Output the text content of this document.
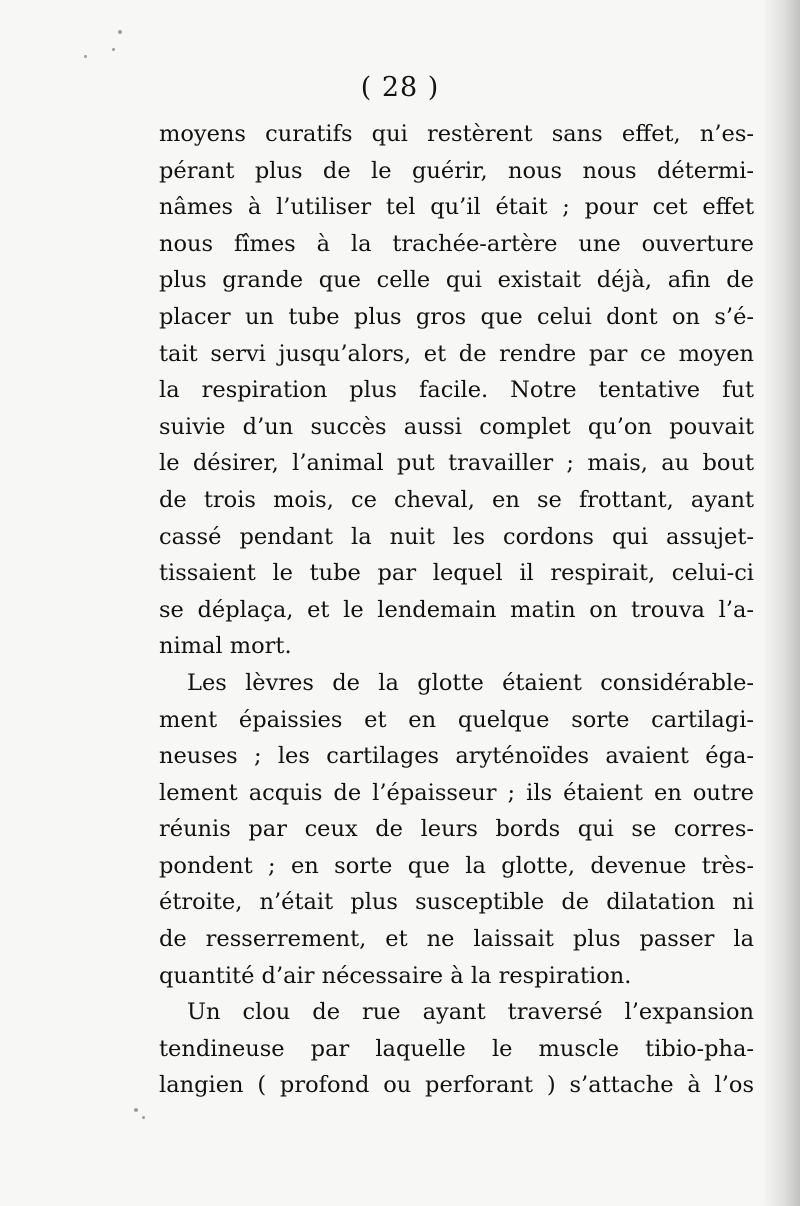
( 28 )
moyens curatifs qui restèrent sans effet, n’es-
pérant plus de le guérir, nous nous détermi-
nâmes à l’utiliser tel qu’il était ; pour cet effet
nous fîmes à la trachée-artère une ouverture
plus grande que celle qui existait déjà, afin de
placer un tube plus gros que celui dont on s’é-
tait servi jusqu’alors, et de rendre par ce moyen
la respiration plus facile. Notre tentative fut
suivie d’un succès aussi complet qu’on pouvait
le désirer, l’animal put travailler ; mais, au bout
de trois mois, ce cheval, en se frottant, ayant
cassé pendant la nuit les cordons qui assujet-
tissaient le tube par lequel il respirait, celui-ci
se déplaça, et le lendemain matin on trouva l’a-
nimal mort.
Les lèvres de la glotte étaient considérable-
ment épaissies et en quelque sorte cartilagi-
neuses ; les cartilages aryténoïdes avaient éga-
lement acquis de l’épaisseur ; ils étaient en outre
réunis par ceux de leurs bords qui se corres-
pondent ; en sorte que la glotte, devenue très-
étroite, n’était plus susceptible de dilatation ni
de resserrement, et ne laissait plus passer la
quantité d’air nécessaire à la respiration.
Un clou de rue ayant traversé l’expansion
tendineuse par laquelle le muscle tibio-pha-
langien ( profond ou perforant ) s’attache à l’os
